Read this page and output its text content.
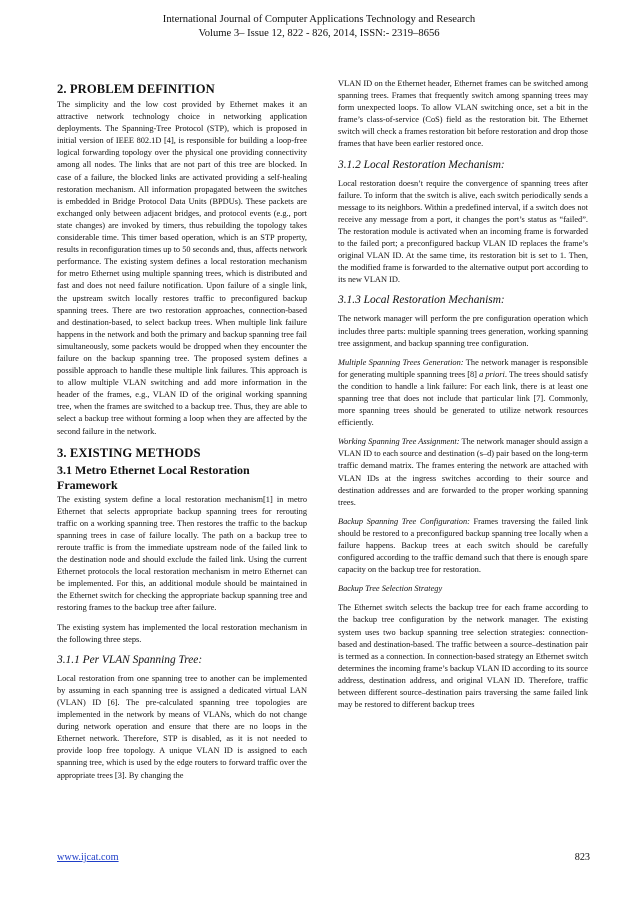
International Journal of Computer Applications Technology and Research
Volume 3– Issue 12, 822 - 826, 2014, ISSN:- 2319–8656
2. PROBLEM DEFINITION

The simplicity and the low cost provided by Ethernet makes it an attractive network technology choice in networking application deployments. The Spanning-Tree Protocol (STP), which is proposed in initial version of IEEE 802.1D [4], is responsible for building a loop-free logical forwarding topology over the physical one providing connectivity among all nodes. The links that are not part of this tree are blocked. In case of a failure, the blocked links are activated providing a self-healing restoration mechanism. All information propagated between the switches is embedded in Bridge Protocol Data Units (BPDUs). These packets are exchanged only between adjacent bridges, and protocol events (e.g., port state changes) are invoked by timers, thus rebuilding the topology takes considerable time. This timer based operation, which is an STP property, results in reconfiguration times up to 50 seconds and, thus, affects network performance. The existing system defines a local restoration mechanism for metro Ethernet using multiple spanning trees, which is distributed and fast and does not need failure notification. Upon failure of a single link, the upstream switch locally restores traffic to preconfigured backup spanning trees. There are two restoration approaches, connection-based and destination-based, to select backup trees. When multiple link failure happens in the network and both the primary and backup spanning tree fail simultaneously, some packets would be dropped when they encounter the failure on the backup spanning tree. The proposed system defines a possible approach to handle these multiple link failures. This approach is to allow multiple VLAN switching and add more information in the header of the frames, e.g., VLAN ID of the original working spanning tree, when the frames are switched to a backup tree. Thus, they are able to select a backup tree without forming a loop when they are affected by the second failure in the network.

3. EXISTING METHODS
3.1 Metro Ethernet Local Restoration
Framework

The existing system define a local restoration mechanism[1] in metro Ethernet that selects appropriate backup spanning trees for rerouting traffic on a working spanning tree. Then restores the traffic to the backup spanning trees in case of failure locally. The path on a backup tree to reroute traffic is from the immediate upstream node of the failed link to the destination node and should exclude the failed link. Using the current Ethernet protocols the local restoration mechanism in metro Ethernet can be implemented. For this, an additional module should be maintained in the Ethernet switch for checking the appropriate backup spanning tree and restoring frames to the backup tree after failure.

The existing system has implemented the local restoration mechanism in the following three steps.

3.1.1 Per VLAN Spanning Tree:

Local restoration from one spanning tree to another can be implemented by assuming in each spanning tree is assigned a dedicated virtual LAN (VLAN) ID [6]. The pre-calculated spanning tree topologies are implemented in the network by means of VLANs, which do not change during network operation and ensure that there are no loops in the Ethernet network. Therefore, STP is disabled, as it is not needed to provide loop free topology. A unique VLAN ID is assigned to each spanning tree, which is used by the edge routers to forward traffic over the appropriate trees [3]. By changing the

VLAN ID on the Ethernet header, Ethernet frames can be switched among spanning trees. Frames that frequently switch among spanning trees may form unexpected loops. To allow VLAN switching once, set a bit in the frame’s class-of-service (CoS) field as the restoration bit. The Ethernet switch will check a frames restoration bit before restoration and drop those frames that have been earlier restored once.

3.1.2 Local Restoration Mechanism:

Local restoration doesn’t require the convergence of spanning trees after failure. To inform that the switch is alive, each switch periodically sends a message to its neighbors. Within a predefined interval, if a switch does not receive any message from a port, it changes the port’s status as “failed”. The restoration module is activated when an incoming frame is forwarded to the failed port; a preconfigured backup VLAN ID replaces the frame’s original VLAN ID. At the same time, its restoration bit is set to 1. Then, the modified frame is forwarded to the alternative output port according to its new VLAN ID.

3.1.3 Local Restoration Mechanism:

The network manager will perform the pre configuration operation which includes three parts: multiple spanning trees generation, working spanning tree assignment, and backup spanning tree configuration.

Multiple Spanning Trees Generation: The network manager is responsible for generating multiple spanning trees [8] a priori. The trees should satisfy the condition to handle a link failure: For each link, there is at least one spanning tree that does not include that particular link [7]. Commonly, more spanning trees should be generated to utilize network resources efficiently.

Working Spanning Tree Assignment: The network manager should assign a VLAN ID to each source and destination (s–d) pair based on the long-term traffic demand matrix. The frames entering the network are attached with VLAN IDs at the ingress switches according to their source and destination addresses and are forwarded to the proper working spanning trees.

Backup Spanning Tree Configuration: Frames traversing the failed link should be restored to a preconfigured backup spanning tree locally when a failure happens. Backup trees at each switch should be carefully configured according to the traffic demand such that there is enough spare capacity on the backup tree for restoration.

Backup Tree Selection Strategy

The Ethernet switch selects the backup tree for each frame according to the backup tree configuration by the network manager. The existing system uses two backup spanning tree selection strategies: connection-based and destination-based. The traffic between a source–destination pair is termed as a connection. In connection-based strategy an Ethernet switch determines the incoming frame’s backup VLAN ID according to its source address, destination address, and original VLAN ID. Therefore, traffic between different source–destination pairs traversing the same failed link may be restored to different backup trees

www.ijcat.com	823
